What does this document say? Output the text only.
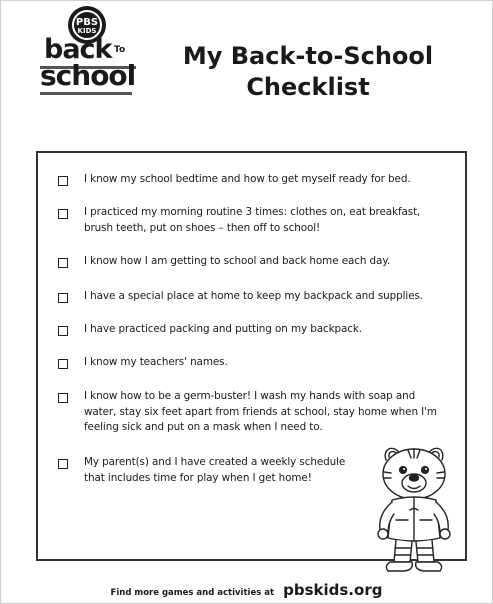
PBS
KIDS
back To
school
My Back-to-School
Checklist
I know my school bedtime and how to get myself ready for bed.
I practiced my morning routine 3 times: clothes on, eat breakfast, brush teeth, put on shoes – then off to school!
I know how I am getting to school and back home each day.
I have a special place at home to keep my backpack and supplies.
I have practiced packing and putting on my backpack.
I know my teachers' names.
I know how to be a germ-buster! I wash my hands with soap and water, stay six feet apart from friends at school, stay home when I'm feeling sick and put on a mask when I need to.
My parent(s) and I have created a weekly schedule that includes time for play when I get home!
Find more games and activities at pbskids.org
